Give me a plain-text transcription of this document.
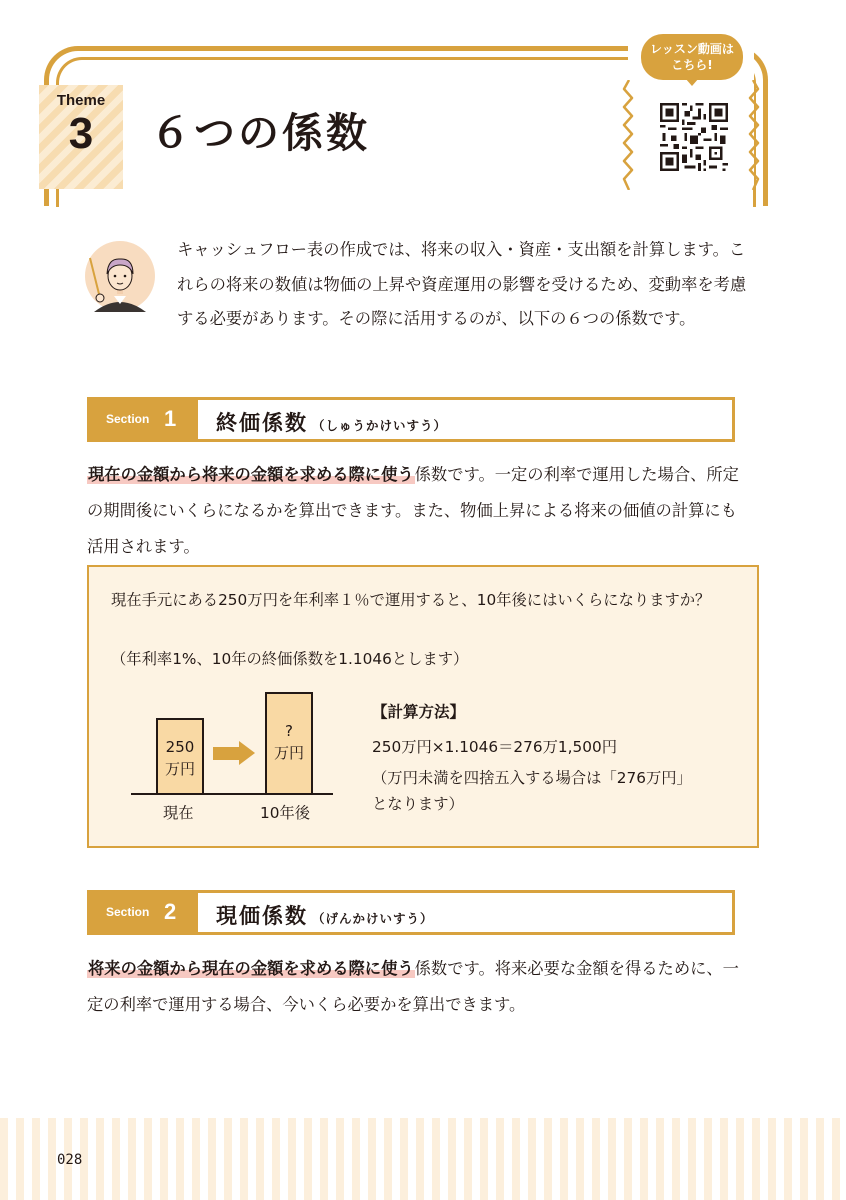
Theme
3	６つの係数
レッスン動画は
こちら!

キャッシュフロー表の作成では、将来の収入・資産・支出額を計算します。これらの将来の数値は物価の上昇や資産運用の影響を受けるため、変動率を考慮する必要があります。その際に活用するのが、以下の６つの係数です。

Section 1 終価係数 （しゅうかけいすう）

現在の金額から将来の金額を求める際に使う係数です。一定の利率で運用した場合、所定の期間後にいくらになるかを算出できます。また、物価上昇による将来の価値の計算にも活用されます。

現在手元にある250万円を年利率１％で運用すると、10年後にはいくらになりますか？

（年利率1%、10年の終価係数を1.1046とします）

250
万円
?
万円
現在	10年後

【計算方法】

250万円×1.1046＝276万1,500円

（万円未満を四捨五入する場合は「276万円」となります）

Section 2 現価係数 （げんかけいすう）

将来の金額から現在の金額を求める際に使う係数です。将来必要な金額を得るために、一定の利率で運用する場合、今いくら必要かを算出できます。

028
